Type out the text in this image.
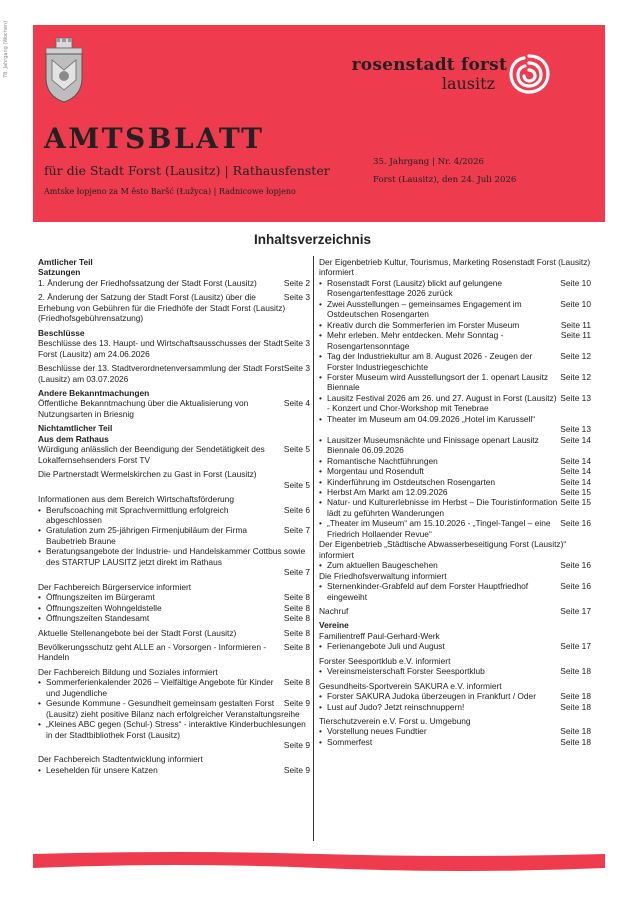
78. Jahrgang (Wochen)	rosenstadt forst
lausitz
AMTSBLATT
für die Stadt Forst (Lausitz) | Rathausfenster
Amtske łopjeno za M ěsto Baršć (Łužyca) | Radnicowe łopjeno
35. Jahrgang | Nr. 4/2026
Forst (Lausitz), den 24. Juli 2026
Inhaltsverzeichnis
Amtlicher Teil
Satzungen
Seite 2
1. Änderung der Friedhofssatzung der Stadt Forst (Lausitz)
Seite 3
2. Änderung der Satzung der Stadt Forst (Lausitz) über die Erhebung von Gebühren für die Friedhöfe der Stadt Forst (Lausitz) (Friedhofsgebührensatzung)
Beschlüsse
Seite 3
Beschlüsse des 13. Haupt- und Wirtschaftsausschusses der Stadt Forst (Lausitz) am 24.06.2026
Seite 3
Beschlüsse der 13. Stadtverordnetenversammlung der Stadt Forst (Lausitz) am 03.07.2026
Andere Bekanntmachungen
Seite 4
Öffentliche Bekanntmachung über die Aktualisierung von Nutzungsarten in Briesnig
Nichtamtlicher Teil
Aus dem Rathaus
Seite 5
Würdigung anlässlich der Beendigung der Sendetätigkeit des Lokalfernsehsenders Forst TV
Die Partnerstadt Wermelskirchen zu Gast in Forst (Lausitz)
Seite 5
Informationen aus dem Bereich Wirtschaftsförderung
• Seite 6
Berufscoaching mit Sprachvermittlung erfolgreich abgeschlossen
• Seite 7
Gratulation zum 25-jährigen Firmenjubiläum der Firma Baubetrieb Braune
• Beratungsangebote der Industrie- und Handelskammer Cottbus sowie des STARTUP LAUSITZ jetzt direkt im Rathaus
Seite 7
Der Fachbereich Bürgerservice informiert
• Seite 8
Öffnungszeiten im Bürgeramt
• Seite 8
Öffnungszeiten Wohngeldstelle
• Seite 8
Öffnungszeiten Standesamt
Seite 8
Aktuelle Stellenangebote bei der Stadt Forst (Lausitz)
Seite 8
Bevölkerungsschutz geht ALLE an - Vorsorgen - Informieren - Handeln
Der Fachbereich Bildung und Soziales informiert
• Seite 8
Sommerferienkalender 2026 – Vielfältige Angebote für Kinder und Jugendliche
• Seite 9
Gesunde Kommune - Gesundheit gemeinsam gestalten Forst (Lausitz) zieht positive Bilanz nach erfolgreicher Veranstaltungsreihe
• „Kleines ABC gegen (Schul-) Stress“ - interaktive Kinderbuchlesungen in der Stadtbibliothek Forst (Lausitz)
Seite 9
Der Fachbereich Stadtentwicklung informiert
• Seite 9
Lesehelden für unsere Katzen
Der Eigenbetrieb Kultur, Tourismus, Marketing Rosenstadt Forst (Lausitz) informiert
• Seite 10
Rosenstadt Forst (Lausitz) blickt auf gelungene Rosengartenfesttage 2026 zurück
• Seite 10
Zwei Ausstellungen – gemeinsames Engagement im Ostdeutschen Rosengarten
• Seite 11
Kreativ durch die Sommerferien im Forster Museum
• Seite 11
Mehr erleben. Mehr entdecken. Mehr Sonntag - Rosengartensonntage
• Seite 12
Tag der Industriekultur am 8. August 2026 - Zeugen der Forster Industriegeschichte
• Seite 12
Forster Museum wird Ausstellungsort der 1. openart Lausitz Biennale
• Seite 13
Lausitz Festival 2026 am 26. und 27. August in Forst (Lausitz) - Konzert und Chor-Workshop mit Tenebrae
• Theater im Museum am 04.09.2026 „Hotel im Karussell“
Seite 13
• Seite 14
Lausitzer Museumsnächte und Finissage openart Lausitz Biennale 06.09.2026
• Seite 14
Romantische Nachtführungen
• Seite 14
Morgentau und Rosenduft
• Seite 14
Kinderführung im Ostdeutschen Rosengarten
• Seite 15
Herbst Am Markt am 12.09.2026
• Seite 15
Natur- und Kulturerlebnisse im Herbst – Die Touristinformation lädt zu geführten Wanderungen
• Seite 16
„Theater im Museum“ am 15.10.2026 - „Tingel-Tangel – eine Friedrich Hollaender Revue“
Der Eigenbetrieb „Städtische Abwasserbeseitigung Forst (Lausitz)“ informiert
• Seite 16
Zum aktuellen Baugeschehen
Die Friedhofsverwaltung informiert
• Seite 16
Sternenkinder-Grabfeld auf dem Forster Hauptfriedhof eingeweiht
Seite 17
Nachruf
Vereine
Familientreff Paul-Gerhard-Werk
• Seite 17
Ferienangebote Juli und August
Forster Seesportklub e.V. informiert
• Seite 18
Vereinsmeisterschaft Forster Seesportklub
Gesundheits-Sportverein SAKURA e.V. informiert
• Seite 18
Forster SAKURA Judoka überzeugen in Frankfurt / Oder
• Seite 18
Lust auf Judo? Jetzt reinschnuppern!
Tierschutzverein e.V. Forst u. Umgebung
• Seite 18
Vorstellung neues Fundtier
• Seite 18
Sommerfest
